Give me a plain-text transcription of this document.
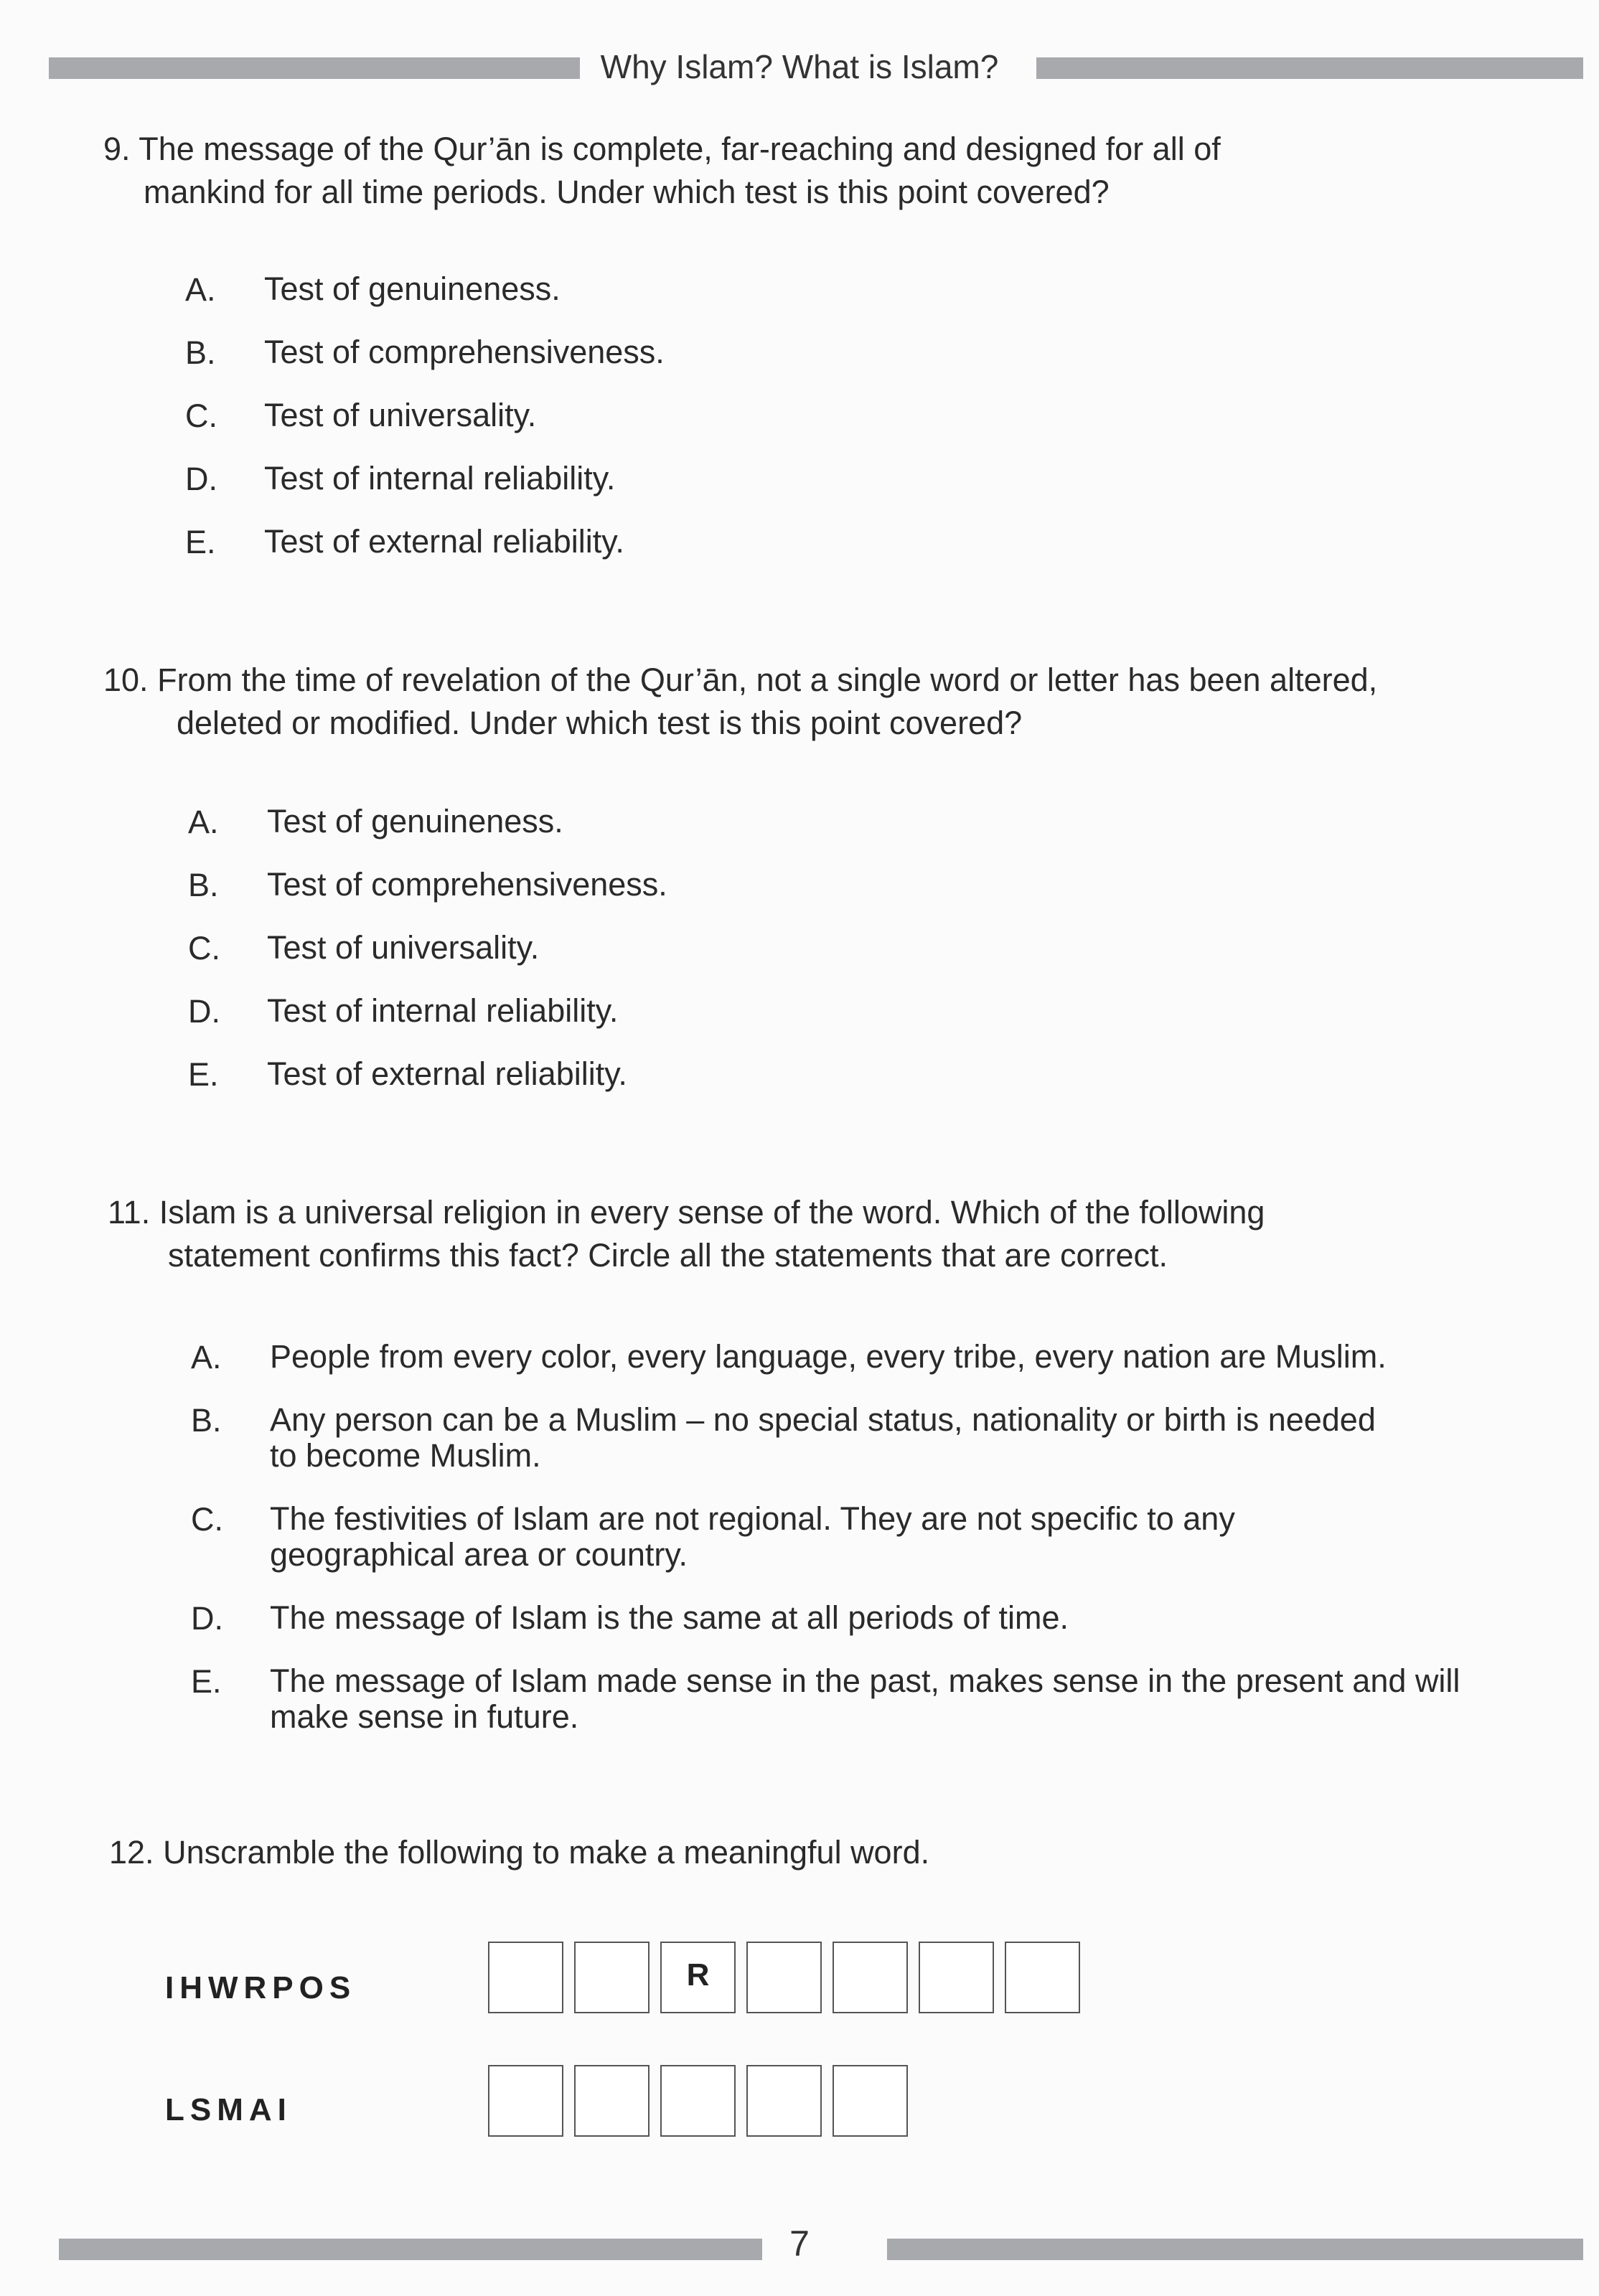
Why Islam? What is Islam?
9. The message of the Qur’ān is complete, far-reaching and designed for all of
mankind for all time periods. Under which test is this point covered?
A. Test of genuineness.
B. Test of comprehensiveness.
C. Test of universality.
D. Test of internal reliability.
E. Test of external reliability.
10. From the time of revelation of the Qur’ān, not a single word or letter has been altered,
deleted or modified. Under which test is this point covered?
A. Test of genuineness.
B. Test of comprehensiveness.
C. Test of universality.
D. Test of internal reliability.
E. Test of external reliability.
11. Islam is a universal religion in every sense of the word. Which of the following
statement confirms this fact? Circle all the statements that are correct.
A. People from every color, every language, every tribe, every nation are Muslim.
B. Any person can be a Muslim – no special status, nationality or birth is needed
to become Muslim.
C. The festivities of Islam are not regional. They are not specific to any
geographical area or country.
D. The message of Islam is the same at all periods of time.
E. The message of Islam made sense in the past, makes sense in the present and will
make sense in future.
12. Unscramble the following to make a meaningful word.
IHWRPOS	R
LSMAI
7
